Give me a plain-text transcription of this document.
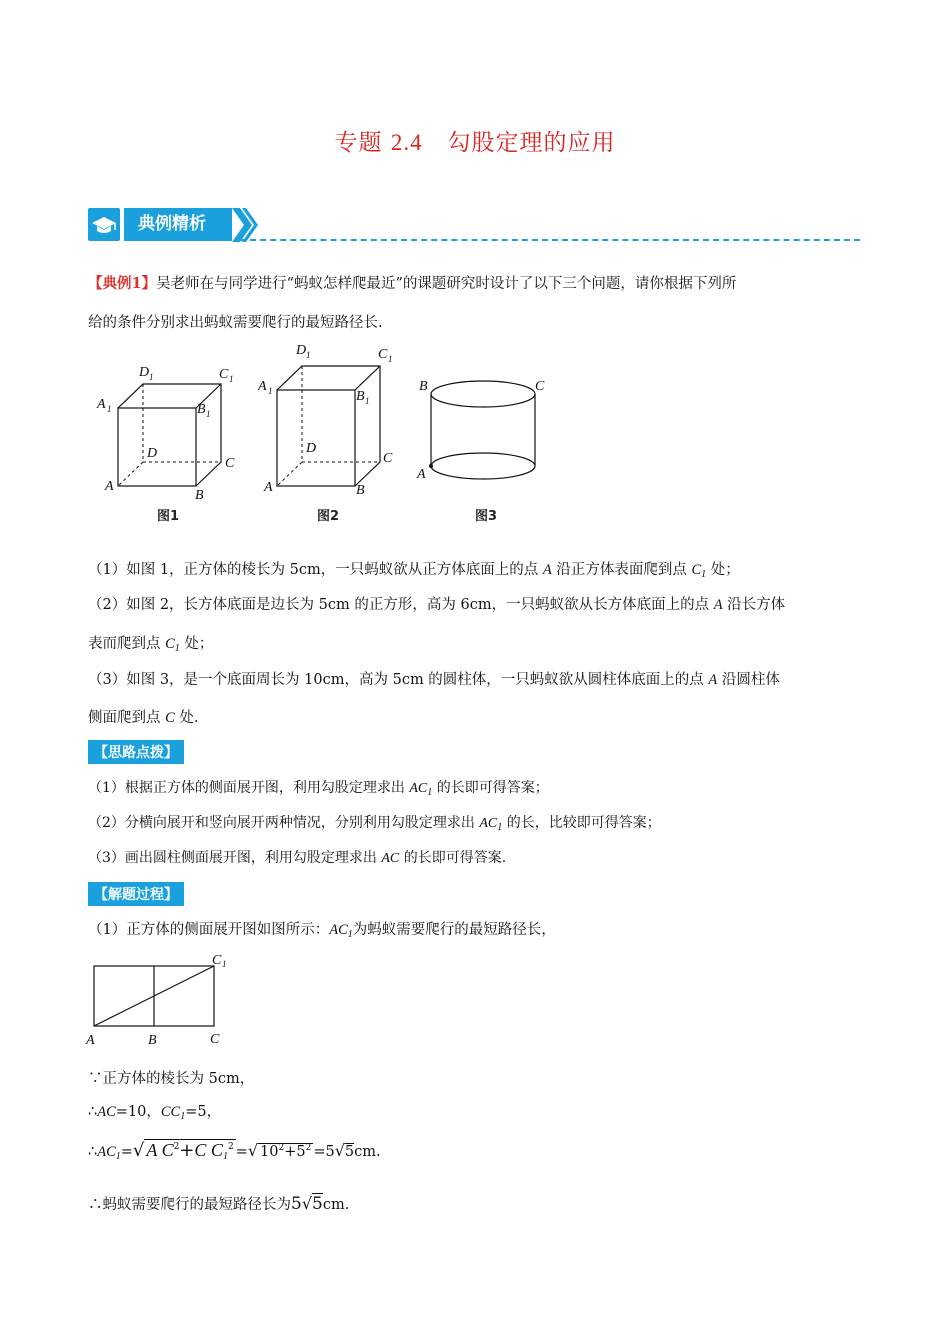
专题 2.4 勾股定理的应用
典例精析

【典例1】吴老师在与同学进行“蚂蚁怎样爬最近”的课题研究时设计了以下三个问题，请你根据下列所

给的条件分别求出蚂蚁需要爬行的最短路径长.

D 1	C 1
A 1	B 1
D
C
A
B
图1
D 1	C 1
A 1	B 1
D
C
A	B
图2
B	C
A
图3

（1）如图 1，正方体的棱长为 5cm，一只蚂蚁欲从正方体底面上的点 A 沿正方体表面爬到点 $C_1$ 处；

（2）如图 2，长方体底面是边长为 5cm 的正方形，高为 6cm，一只蚂蚁欲从长方体底面上的点 A 沿长方体

表而爬到点 $C_1$ 处；

（3）如图 3，是一个底面周长为 10cm，高为 5cm 的圆柱体，一只蚂蚁欲从圆柱体底面上的点 A 沿圆柱体

侧面爬到点 C 处.

【思路点拨】

（1）根据正方体的侧面展开图，利用勾股定理求出 $AC_1$ 的长即可得答案；

（2）分横向展开和竖向展开两种情况，分别利用勾股定理求出 $AC_1$ 的长，比较即可得答案；

（3）画出圆柱侧面展开图，利用勾股定理求出 AC 的长即可得答案.

【解题过程】

（1）正方体的侧面展开图如图所示：$AC_1$为蚂蚁需要爬行的最短路径长，

C 1
A	B	C

∵正方体的棱长为 5cm，

∴AC=10，$CC_1=5$，

$\therefore AC_1=√$ A $C^2+C$ $C_1^2$ =√ $10^2+5^2 =5√5cm$.

∴蚂蚁需要爬行的最短路径长为5√5cm.
